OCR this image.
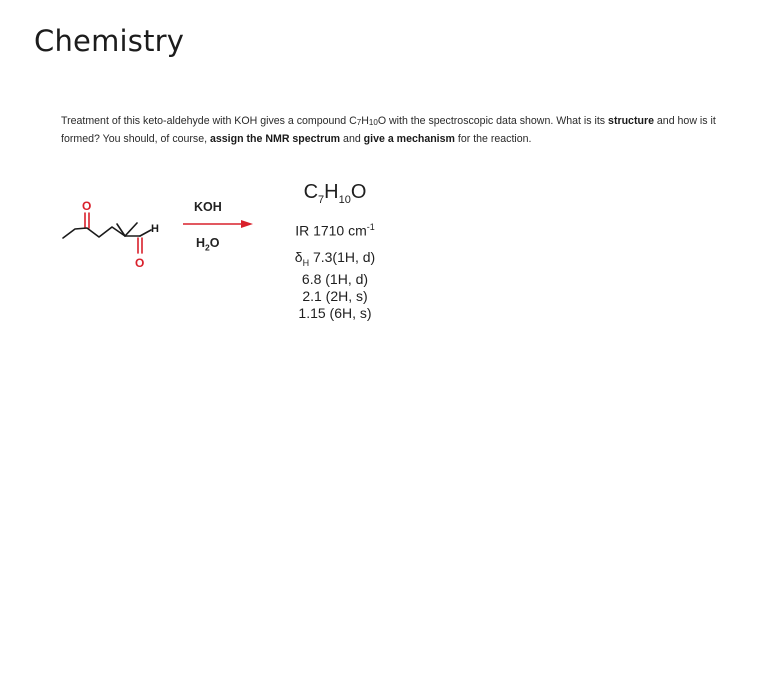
Chemistry
Treatment of this keto-aldehyde with KOH gives a compound $C_7H_{10}O$ with the spectroscopic data shown. What is its structure and how is it formed? You should, of course, assign the NMR spectrum and give a mechanism for the reaction.
O
O
H
KOH
$H_2O$
$C_7H_{10}O$
IR 1710 $cm^{-1}$
$\delta_H$ 7.3(1H, d)
6.8 (1H, d)
2.1 (2H, s)
1.15 (6H, s)
